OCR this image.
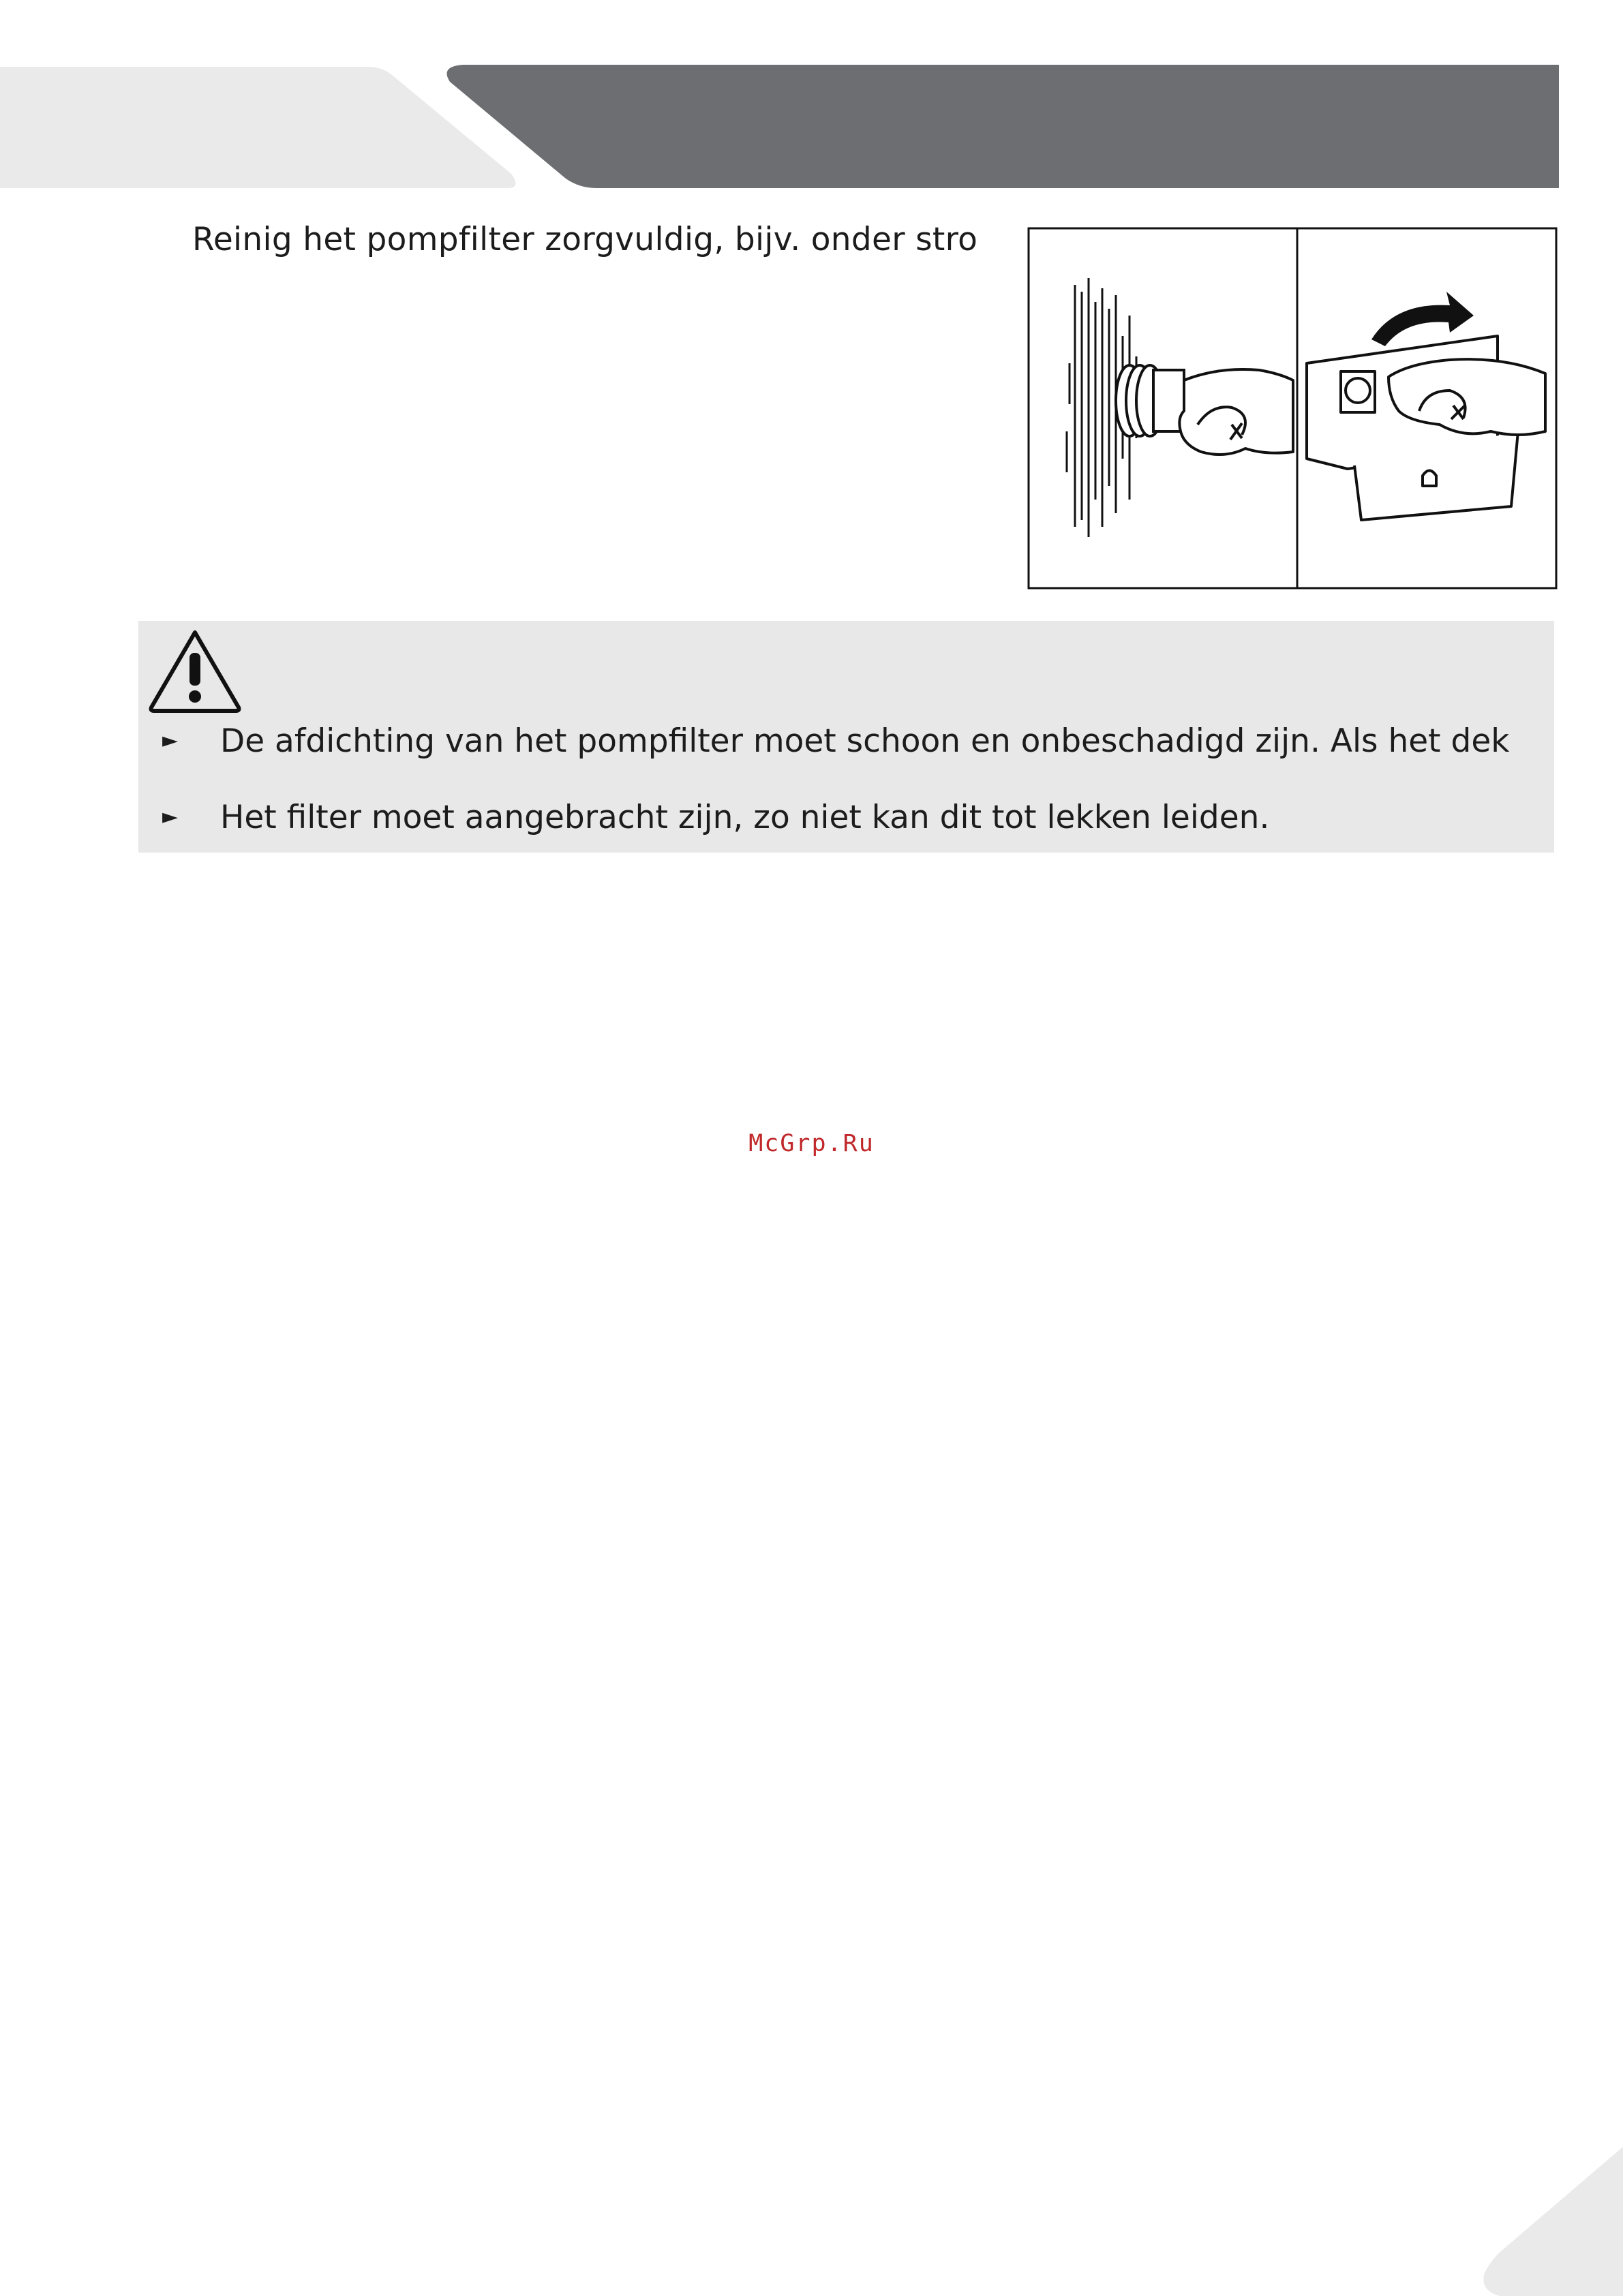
Reinig het pompfilter zorgvuldig, bijv. onder stro
► De afdichting van het pompfilter moet schoon en onbeschadigd zijn. Als het dek
► Het filter moet aangebracht zijn, zo niet kan dit tot lekken leiden.
McGrp.Ru
